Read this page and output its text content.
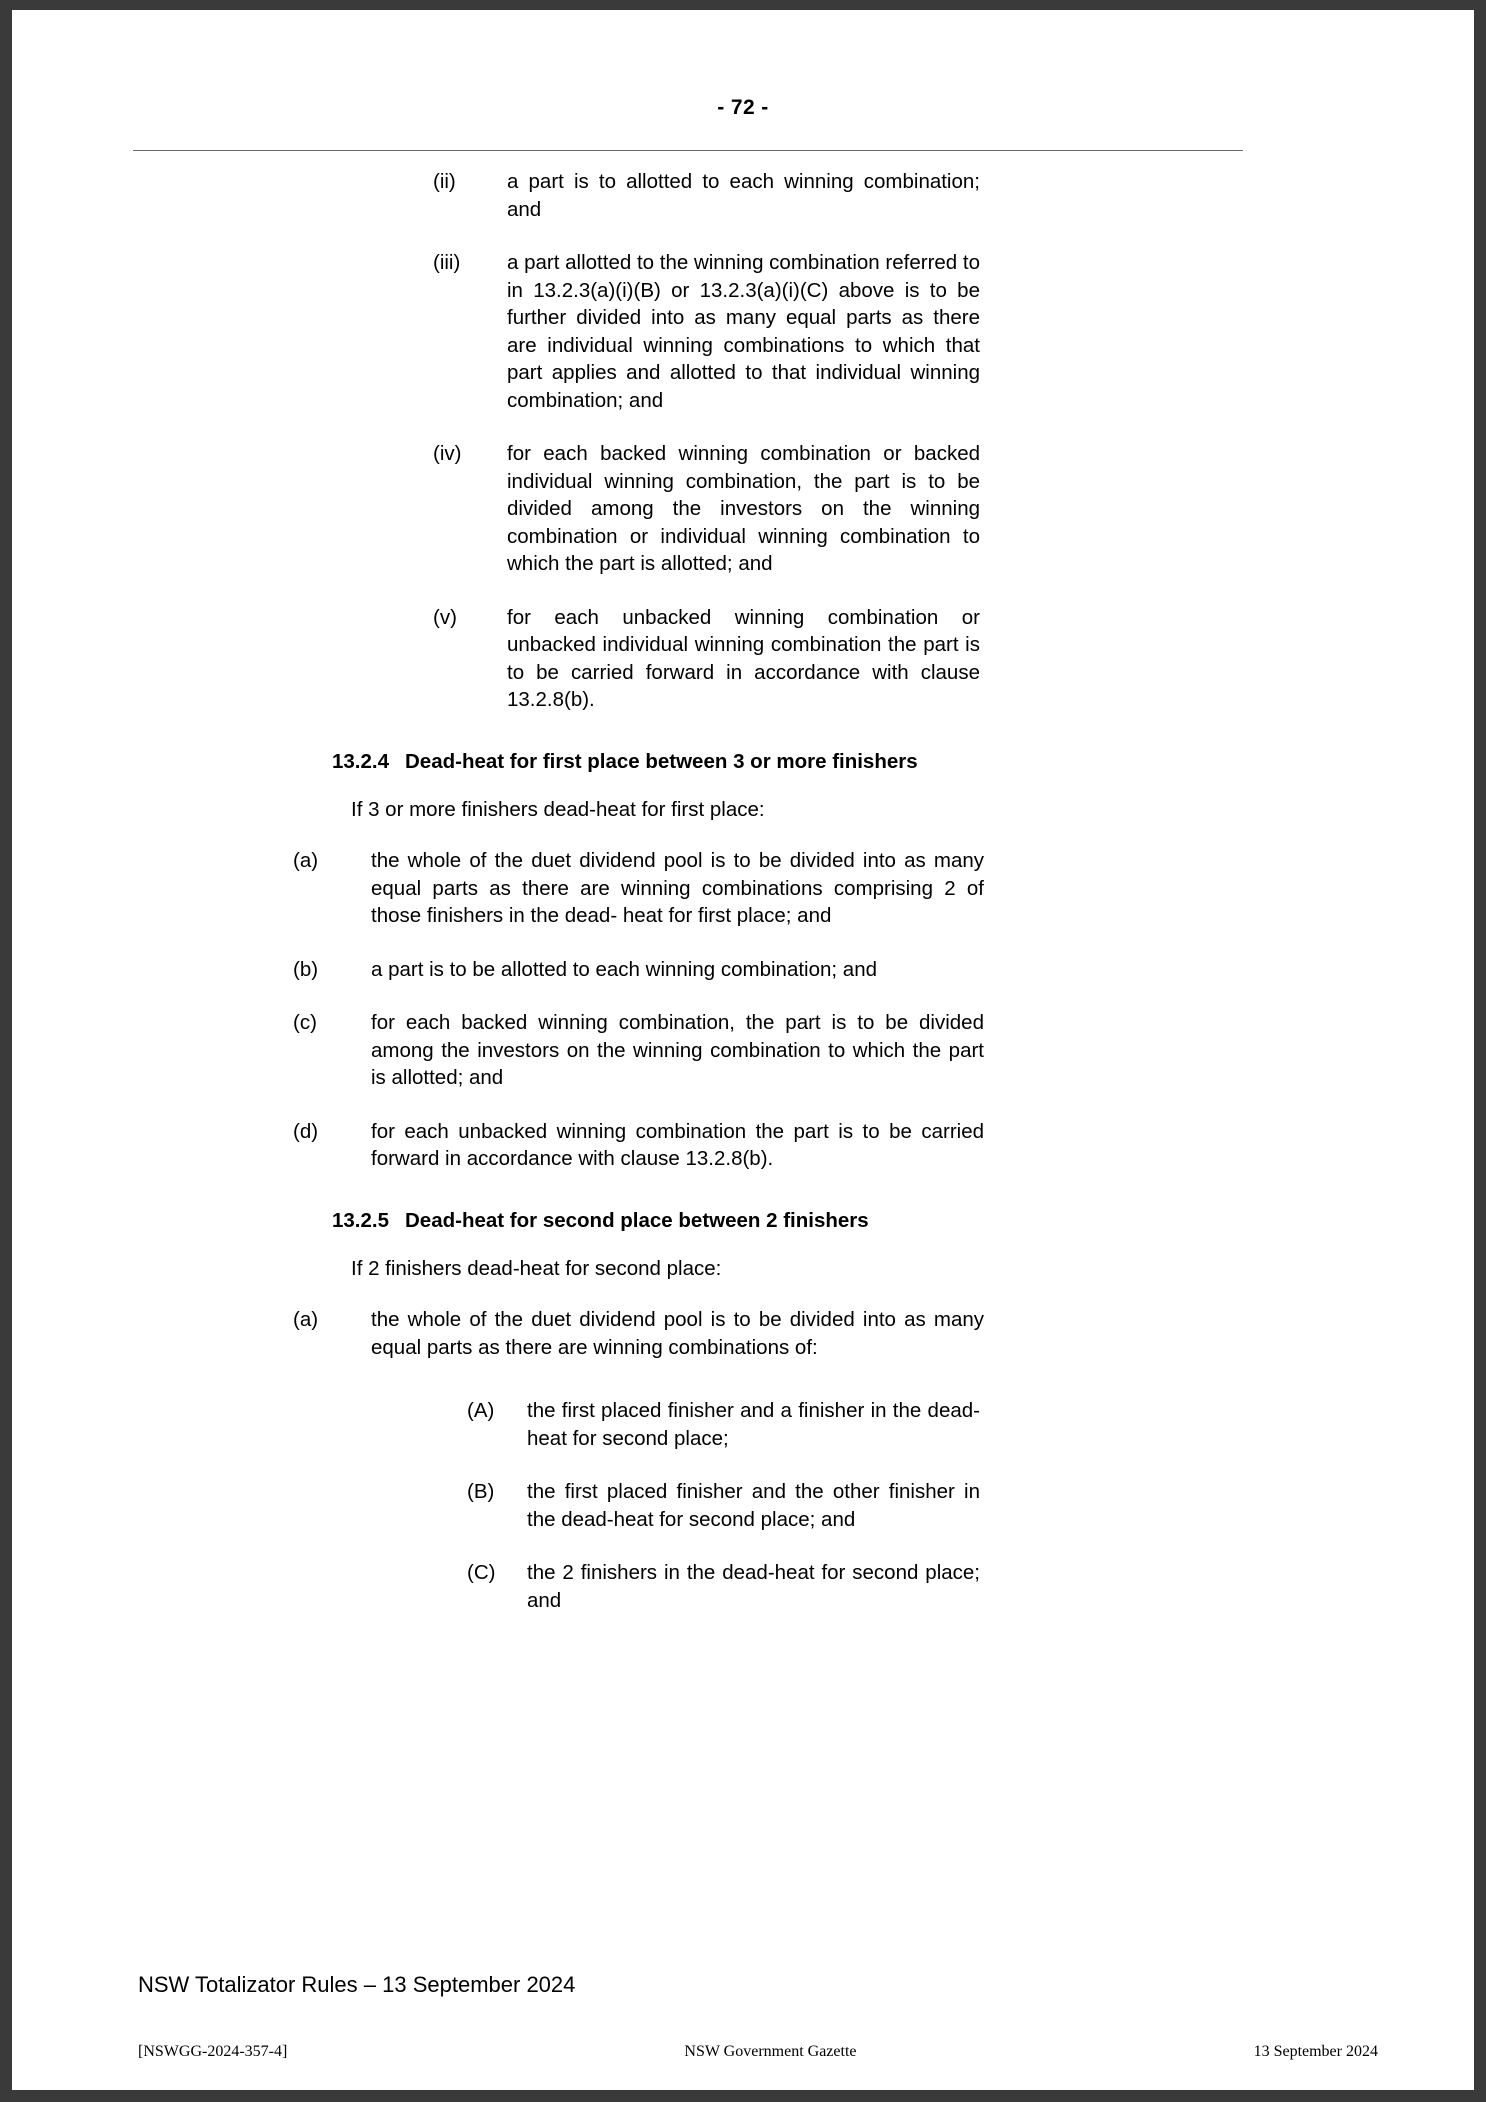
- 72 -
(ii)	a part is to allotted to each winning combination; and
(iii)	a part allotted to the winning combination referred to in 13.2.3(a)(i)(B) or 13.2.3(a)(i)(C) above is to be further divided into as many equal parts as there are individual winning combinations to which that part applies and allotted to that individual winning combination; and
(iv)	for each backed winning combination or backed individual winning combination, the part is to be divided among the investors on the winning combination or individual winning combination to which the part is allotted; and
(v)	for each unbacked winning combination or unbacked individual winning combination the part is to be carried forward in accordance with clause 13.2.8(b).
13.2.4 Dead-heat for first place between 3 or more finishers
If 3 or more finishers dead-heat for first place:
(a)	the whole of the duet dividend pool is to be divided into as many equal parts as there are winning combinations comprising 2 of those finishers in the dead- heat for first place; and
(b)	a part is to be allotted to each winning combination; and
(c)	for each backed winning combination, the part is to be divided among the investors on the winning combination to which the part is allotted; and
(d)	for each unbacked winning combination the part is to be carried forward in accordance with clause 13.2.8(b).
13.2.5 Dead-heat for second place between 2 finishers
If 2 finishers dead-heat for second place:
(a)	the whole of the duet dividend pool is to be divided into as many equal parts as there are winning combinations of:
(A)	the first placed finisher and a finisher in the dead-heat for second place;
(B)	the first placed finisher and the other finisher in the dead-heat for second place; and
(C)	the 2 finishers in the dead-heat for second place; and
NSW Totalizator Rules – 13 September 2024
[NSWGG-2024-357-4]	NSW Government Gazette	13 September 2024
